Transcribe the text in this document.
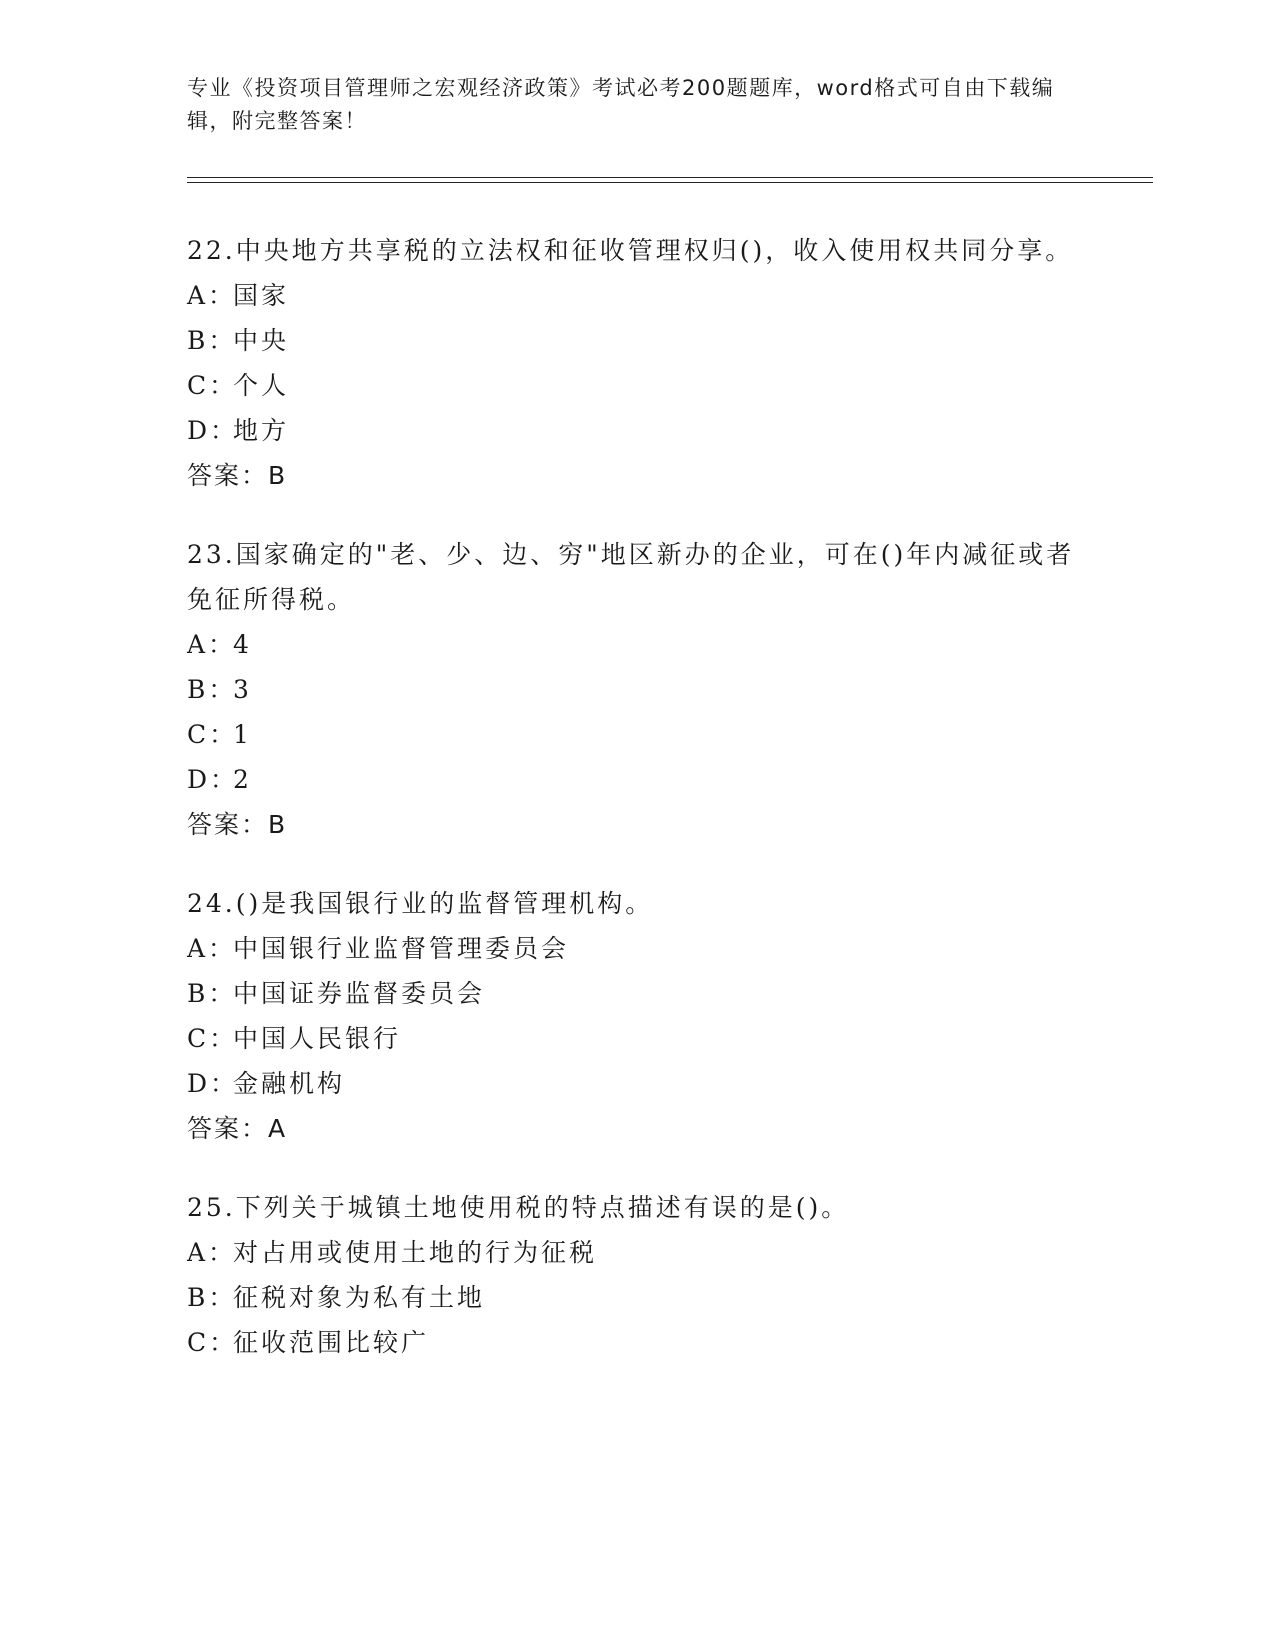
专业《投资项目管理师之宏观经济政策》考试必考200题题库，word格式可自由下载编辑，附完整答案！
22.中央地方共享税的立法权和征收管理权归()，收入使用权共同分享。
A：国家
B：中央
C：个人
D：地方
答案：B
23.国家确定的"老、少、边、穷"地区新办的企业，可在()年内减征或者免征所得税。
A：4
B：3
C：1
D：2
答案：B
24.()是我国银行业的监督管理机构。
A：中国银行业监督管理委员会
B：中国证券监督委员会
C：中国人民银行
D：金融机构
答案：A
25.下列关于城镇土地使用税的特点描述有误的是()。
A：对占用或使用土地的行为征税
B：征税对象为私有土地
C：征收范围比较广
